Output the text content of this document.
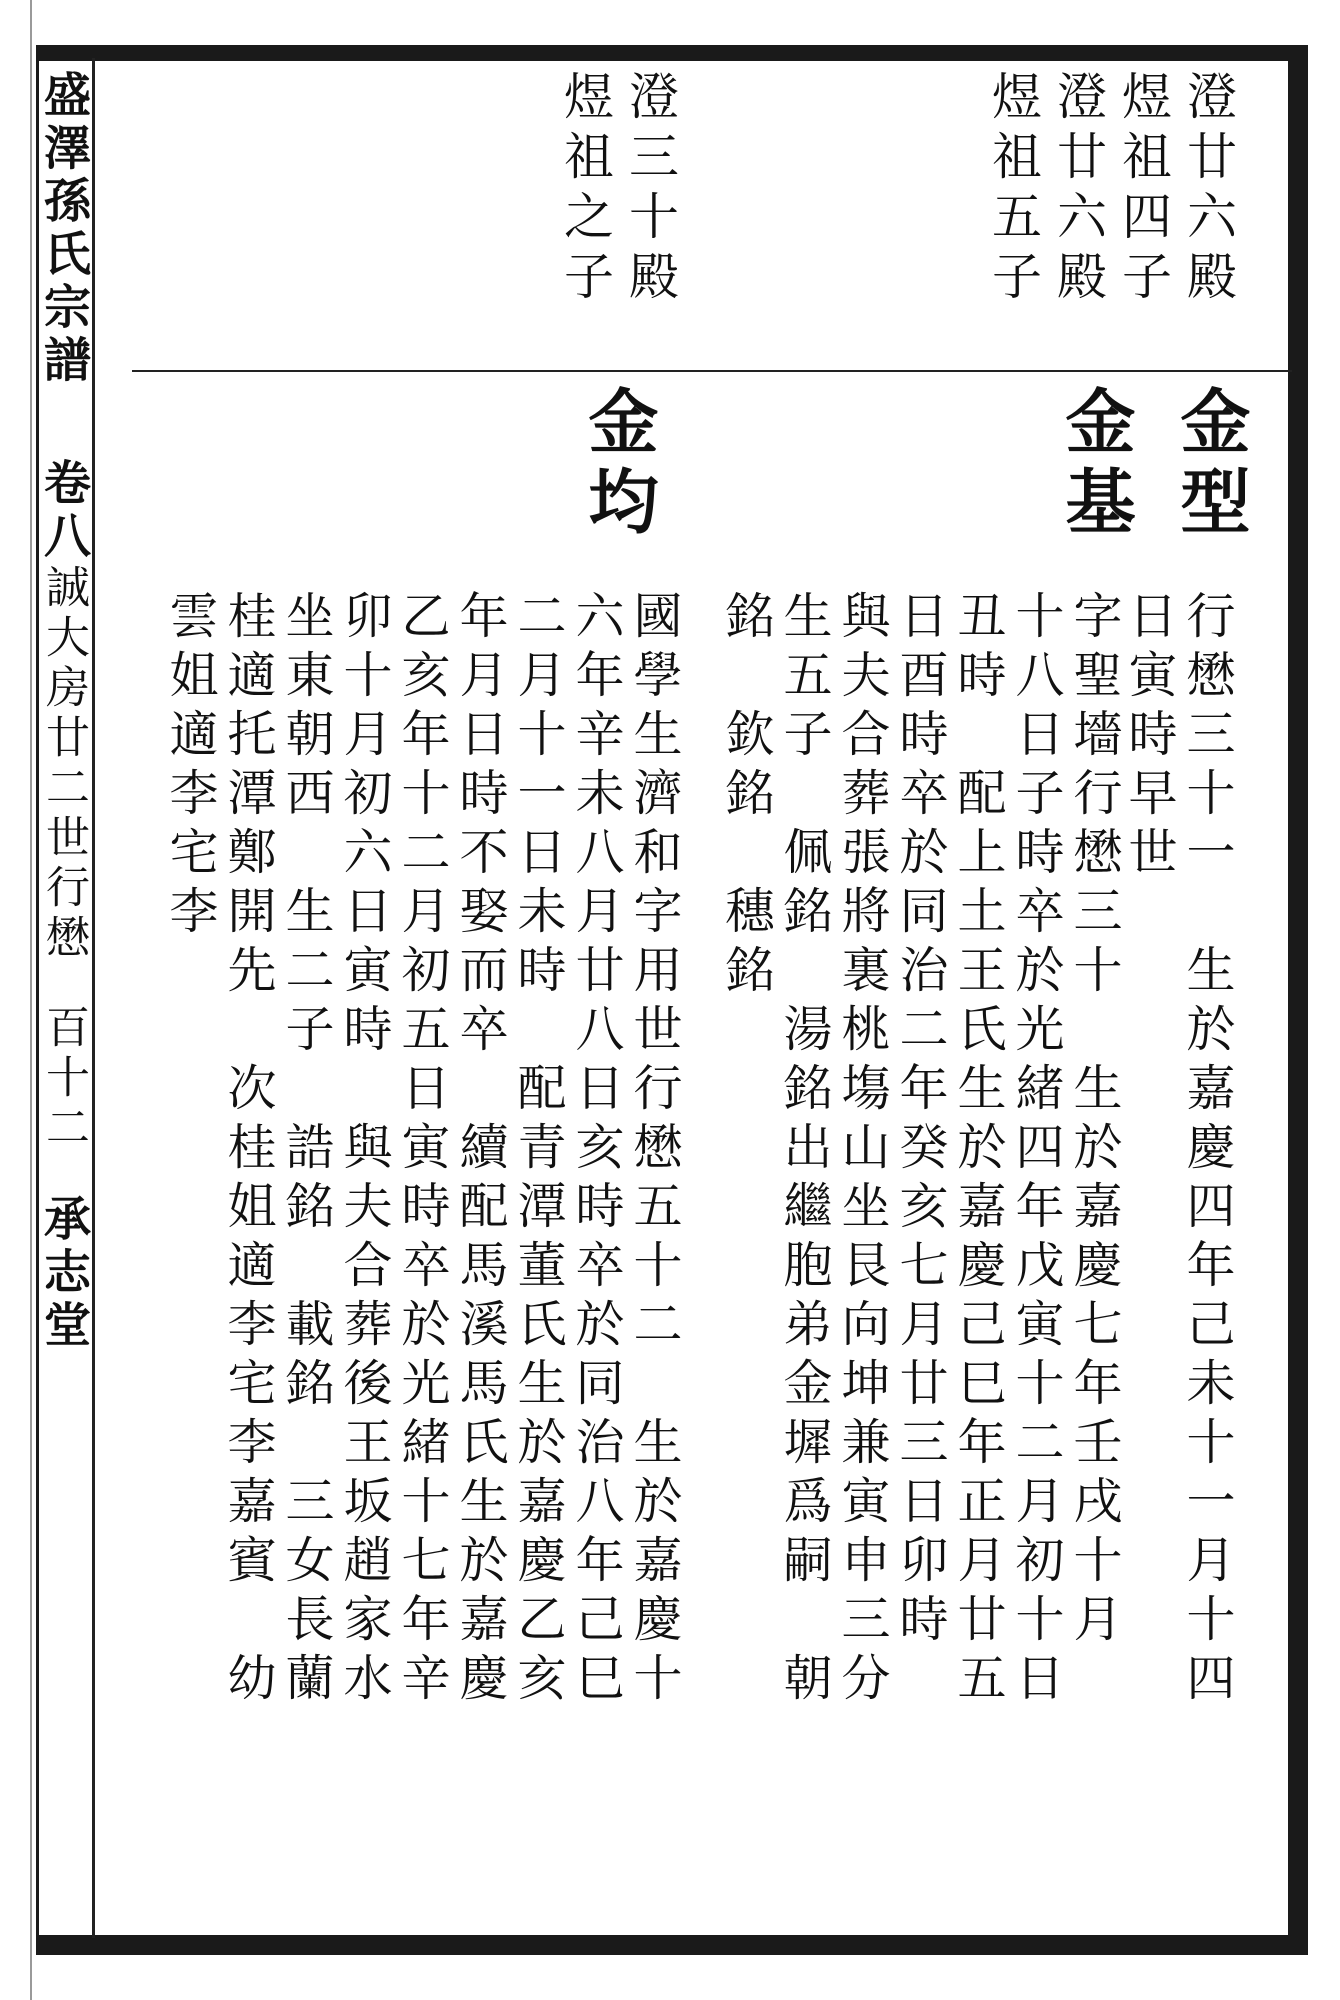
盛澤孫氏宗譜卷八誠大房廿二世行懋百十二承志堂
澄廿六殿
煜祖四子
澄廿六殿
煜祖五子
澄三十殿
煜祖之子
金型
行懋三十一　生於嘉慶四年己未十一月十四
日寅時早世
金基
字聖墻行懋三十　生於嘉慶七年壬戌十月
十八日子時卒於光緒四年戊寅十二月初十日
丑時　配上土王氏生於嘉慶己巳年正月廿五
日酉時卒於同治二年癸亥七月廿三日卯時
與夫合葬張將裏桃塲山坐艮向坤兼寅申三分
生五子　佩銘　湯銘出繼胞弟金墀爲嗣　朝
銘　欽銘　穗銘
金均
國學生濟和字用世行懋五十二　生於嘉慶十
六年辛未八月廿八日亥時卒於同治八年己巳
二月十一日未時　配青潭董氏生於嘉慶乙亥
年月日時不娶而卒　續配馬溪馬氏生於嘉慶
乙亥年十二月初五日寅時卒於光緒十七年辛
卯十月初六日寅時　與夫合葬後王坂趙家水
坐東朝西　生二子　誥銘　載銘　三女長蘭
桂適托潭鄭開先　次桂姐適李宅李嘉賓　幼
雲姐適李宅李
